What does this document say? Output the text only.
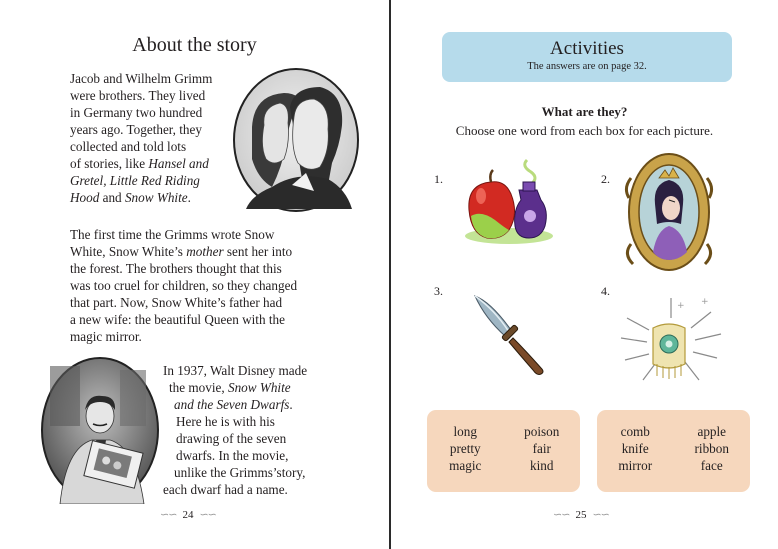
About the story

Jacob and Wilhelm Grimm
were brothers. They lived
in Germany two hundred
years ago. Together, they
collected and told lots
of stories, like Hansel and
Gretel, Little Red Riding
Hood and Snow White.

The first time the Grimms wrote Snow
White, Snow White’s mother sent her into
the forest. The brothers thought that this
was too cruel for children, so they changed
that part. Now, Snow White’s father had
a new wife: the beautiful Queen with the
magic mirror.

In 1937, Walt Disney made
the movie, Snow White
and the Seven Dwarfs.
Here he is with his
drawing of the seven
dwarfs. In the movie,
unlike the Grimms’story,
each dwarf had a name.

∽∽ 24 ∽∽
Activities
The answers are on page 32.
What are they?
Choose one word from each box for each picture.
1.	2.
3.	4.
+ +
long	poison
pretty	fair
magic	kind
comb	apple
knife	ribbon
mirror	face
∽∽ 25 ∽∽
